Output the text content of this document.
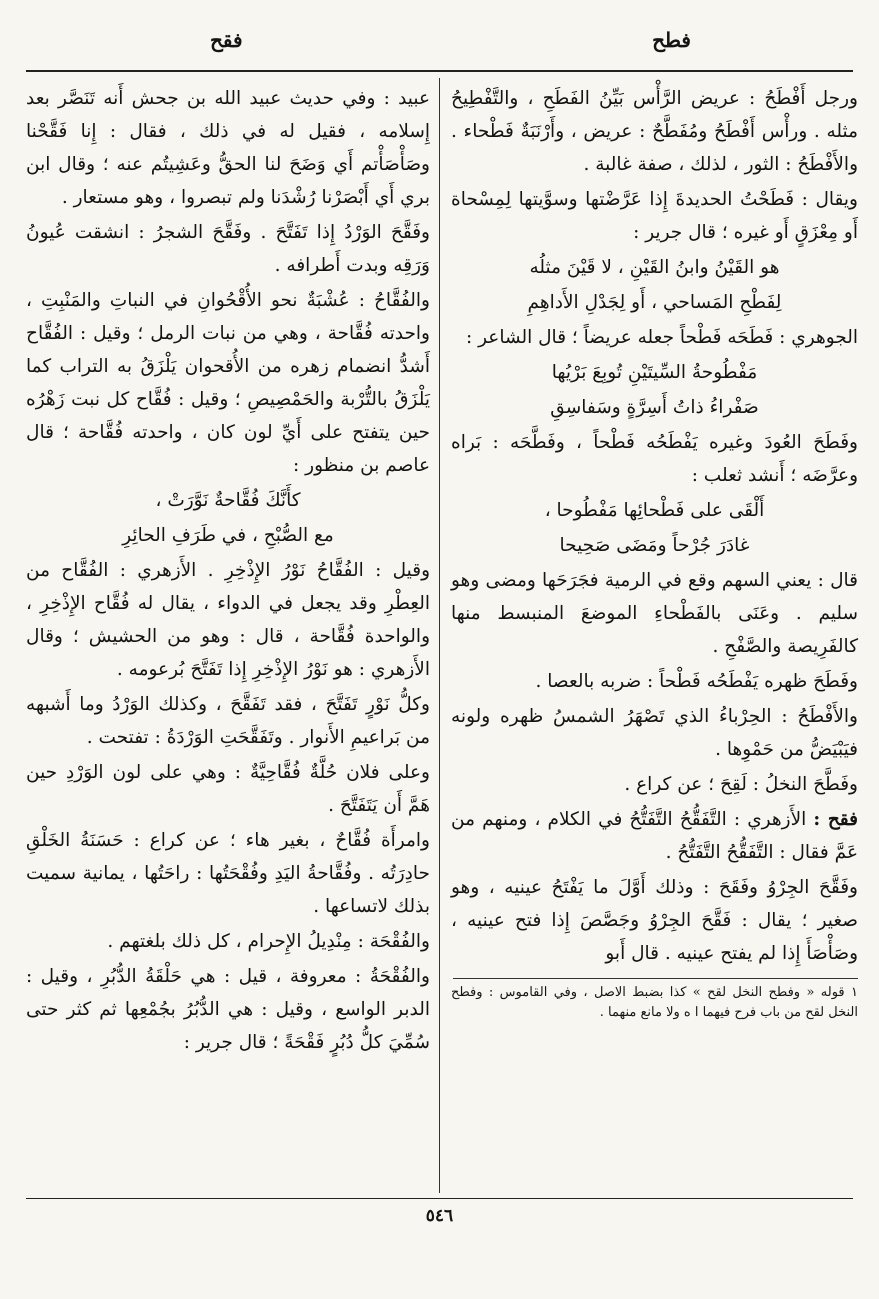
فطح
فقح

ورجل أَفْطَحُ : عريض الرَّأْس بَيِّنُ الفَطَحِ ، والتَّفْطِيحُ مثله . ورأْس أَفْطَحُ ومُفَطَّحٌ : عريض ، وأَرْنَبَةٌ فَطْحاء . والأَفْطَحُ : الثور ، لذلك ، صفة غالبة .

ويقال : فَطَحْتُ الحديدةَ إِذا عَرَّضْتها وسوَّيتها لِمِسْحاة أَو مِعْزَقٍ أَو غيره ؛ قال جرير :

هو القَيْنُ وابنُ القَيْنِ ، لا قَيْنَ مثلُه

لِفَطْحِ المَساحي ، أَو لِجَدْلِ الأَداهِمِ

الجوهري : فَطَحَه فَطْحاً جعله عريضاً ؛ قال الشاعر :

مَفْطُوحةُ السِّيتَيْنِ تُوبِعَ بَرْيُها

صَفْراءُ ذاتُ أَسِرَّةٍ وسَفاسِقِ

وفَطَحَ العُودَ وغيره يَفْطَحُه فَطْحاً ، وفَطَّحَه : بَراه وعرَّضَه ؛ أَنشد ثعلب :

أَلْقَى على فَطْحائِها مَفْطُوحا ،

غادَرَ جُرْحاً ومَضَى صَحِيحا

قال : يعني السهم وقع في الرمية فجَرَحَها ومضى وهو سليم . وعَنَى بالفَطْحاءِ الموضعَ المنبسط منها كالفَرِيصة والصَّفْحِ .

وفَطَحَ ظهره يَفْطَحُه فَطْحاً : ضربه بالعصا .

والأَفْطَحُ : الحِرْباءُ الذي تَصْهَرُ الشمسُ ظهره ولونه فيَبْيَضُّ من حَمْوِها .

وفَطَّحَ النخلُ : لَقِحَ ؛ عن كراع .

فقح : الأَزهري : التَّفَقُّحُ التَّفَتُّحُ في الكلام ، ومنهم من عَمَّ فقال : التَّفَقُّحُ التَّفَتُّحُ .

وفَقَّحَ الجِرْوُ وفَقَحَ : وذلك أَوَّلَ ما يَفْتَحُ عينيه ، وهو صغير ؛ يقال : فَقَّحَ الجِرْوُ وجَصَّصَ إِذا فتح عينيه ، وصَأْصَأَ إِذا لم يفتح عينيه . قال أَبو

١ قوله « وفطح النخل لقح » كذا بضبط الاصل ، وفي القاموس : وفطح النخل لقح من باب فرح فيهما ا ه ولا مانع منهما .

عبيد : وفي حديث عبيد الله بن جحش أَنه تَنَصَّر بعد إِسلامه ، فقيل له في ذلك ، فقال : إِنا فَقَّحْنا وصَأْصَأْتم أَي وَضَحَ لنا الحقُّ وعَشِيتُم عنه ؛ وقال ابن بري أَي أَبْصَرْنا رُشْدَنا ولم تبصروا ، وهو مستعار .

وفَقَّحَ الوَرْدُ إِذا تَفَتَّحَ . وفَقَّحَ الشجرُ : انشقت عُيونُ وَرَقِه وبدت أَطرافه .

والفُقَّاحُ : عُشْبَةٌ نحو الأُقْحُوانِ في النباتِ والمَنْبِتِ ، واحدته فُقَّاحة ، وهي من نبات الرمل ؛ وقيل : الفُقَّاح أَشدُّ انضمام زهره من الأُقحوان يَلْزَقُ به التراب كما يَلْزَقُ بالتُّرْبة والحَمْصِيصِ ؛ وقيل : فُقَّاح كل نبت زَهْرُه حين يتفتح على أَيِّ لون كان ، واحدته فُقَّاحة ؛ قال عاصم بن منظور :

كأَنَّكَ فُقَّاحةٌ نَوَّرَتْ ،

مع الصُّبْحِ ، في طَرَفِ الحائِرِ

وقيل : الفُقَّاحُ نَوْرُ الإِذْخِرِ . الأَزهري : الفُقَّاح من العِطْرِ وقد يجعل في الدواء ، يقال له فُقَّاح الإِذْخِرِ ، والواحدة فُقَّاحة ، قال : وهو من الحشيش ؛ وقال الأَزهري : هو نَوْرُ الإِذْخِرِ إِذا تَفَتَّحَ بُرعومه .

وكلُّ نَوْرٍ تَفَتَّحَ ، فقد تَفَقَّحَ ، وكذلك الوَرْدُ وما أَشبهه من بَراعيمِ الأَنوار . وتَفَقَّحَتِ الوَرْدَةُ : تفتحت .

وعلى فلان حُلَّةٌ فُقَّاحِيَّةٌ : وهي على لون الوَرْدِ حين هَمَّ أَن يَتَفَتَّحَ .

وامرأَة فُقَّاحٌ ، بغير هاء ؛ عن كراع : حَسَنَةُ الخَلْقِ حادِرَتُه . وفُقَّاحةُ اليَدِ وفُقْحَتُها : راحَتُها ، يمانية سميت بذلك لاتساعها .

والفُقْحَة : مِنْدِيلُ الإِحرام ، كل ذلك بلغتهم .

والفُقْحَةُ : معروفة ، قيل : هي حَلْقَةُ الدُّبُرِ ، وقيل : الدبر الواسع ، وقيل : هي الدُّبُرُ بجُمْعِها ثم كثر حتى سُمِّيَ كلُّ دُبُرٍ فَقْحَةً ؛ قال جرير :

٥٤٦
